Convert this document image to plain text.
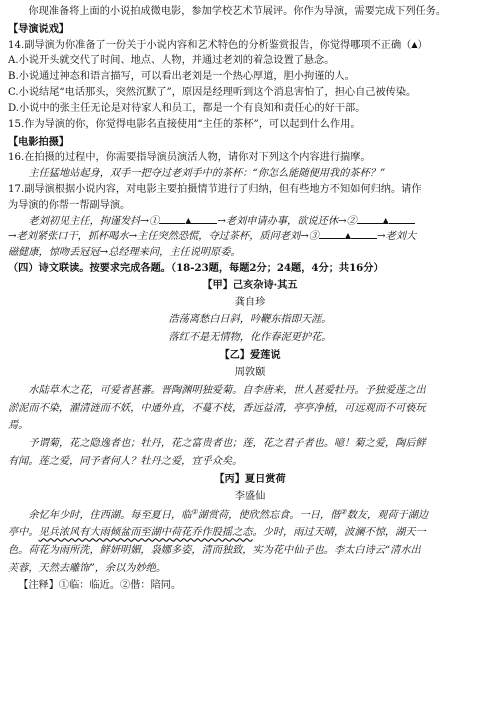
你现准备将上面的小说拍成微电影，参加学校艺术节展评。你作为导演，需要完成下列任务。

【导演说戏】

14.副导演为你准备了一份关于小说内容和艺术特色的分析鉴赏报告，你觉得哪项不正确（▲）

A.小说开头就交代了时间、地点、人物，并通过老刘的着急设置了悬念。

B.小说通过神态和语言描写，可以看出老刘是一个热心厚道，胆小拘谨的人。

C.小说结尾“电话那头，突然沉默了”，原因是经理听到这个消息害怕了，担心自己被传染。

D.小说中的张主任无论是对待家人和员工，都是一个有良知和责任心的好干部。

15.作为导演的你，你觉得电影名直接使用“主任的茶杯”，可以起到什么作用。

【电影拍摄】

16.在拍摄的过程中，你需要指导演员演活人物，请你对下列这个内容进行揣摩。

主任猛地站起身，双手一把夺过老刘手中的茶杯：“你怎么能随便用我的茶杯？”

17.副导演根据小说内容，对电影主要拍摄情节进行了归纳，但有些地方不知如何归纳。请作

为导演的你帮一帮副导演。

老刘初见主任，拘谨发抖→①	▲	→老刘申请办事，欲说还休→②	▲

→老刘紧张口干，抓杯喝水→主任突然恐慌，夺过茶杯，质问老刘→③	▲	→老刘大

磁健康，惊吻丢冠冠→总经理来问，主任说明原委。

（四）诗文联读。按要求完成各题。（18-23题，每题2分；24题，4分；共16分）

【甲】己亥杂诗·其五

龚自珍

浩荡离愁白日斜，吟鞭东指即天涯。

落红不是无情物，化作春泥更护花。

【乙】爱莲说

周敦颐

水陆草木之花，可爱者甚蕃。晋陶渊明独爱菊。自李唐来，世人甚爱牡丹。予独爱莲之出

淤泥而不染，濯清涟而不妖，中通外直，不蔓不枝，香远益清，亭亭净植，可远观而不可亵玩

焉。

予谓菊，花之隐逸者也；牡丹，花之富贵者也；莲，花之君子者也。噫！菊之爱，陶后鲜

有闻。莲之爱，同予者何人？牡丹之爱，宜乎众矣。

【丙】夏日赏荷

李盛仙

余忆年少时，住西湖。每至夏日，临①湖赏荷，使欣然忘食。一日，偕②数友，观荷于湖边

亭中。见兵浓风有大雨倾盆而至湖中荷花乔作股摇之态。少时，雨过天晴，波澜不惊，湖天一

色。荷花为雨所洗，鲜妍明媚，袅娜多姿，清而独致，实为花中仙子也。李太白诗云“清水出

芙蓉，天然去雕饰”，余以为妙绝。

【注释】①临：临近。②偕：陪同。
